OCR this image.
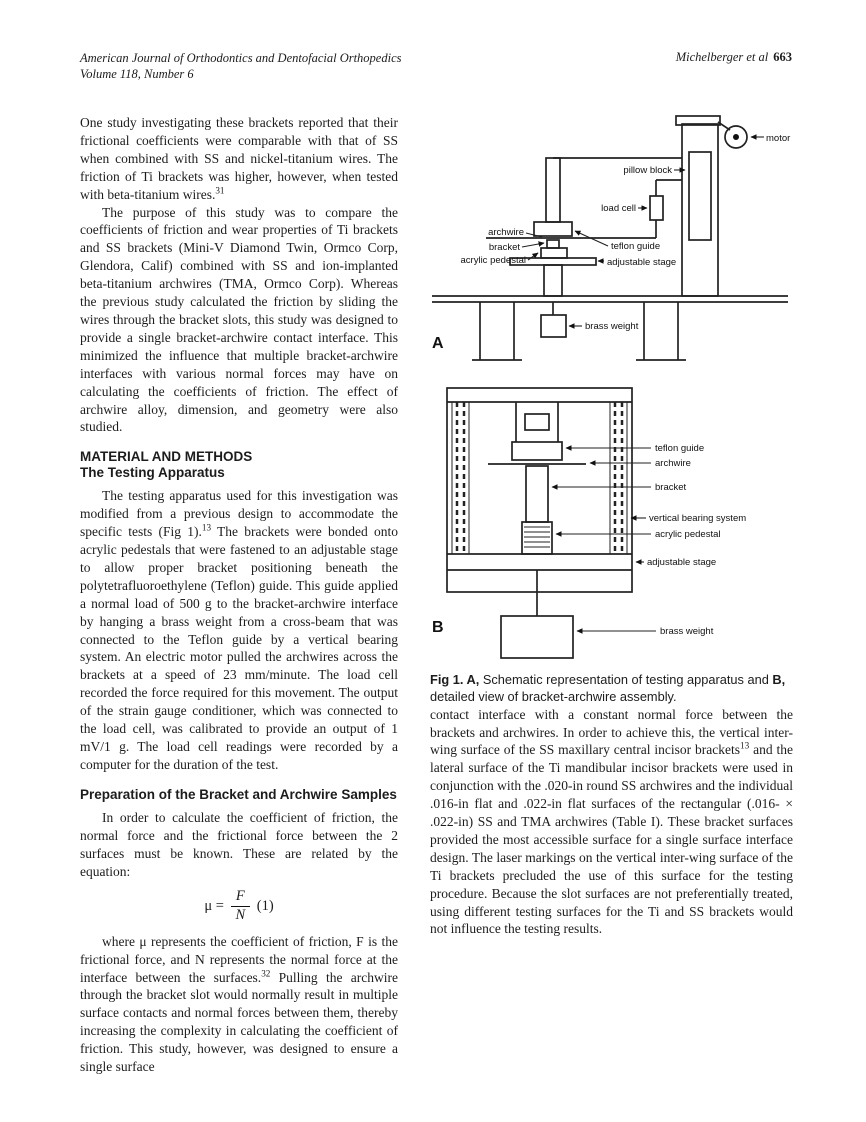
American Journal of Orthodontics and Dentofacial Orthopedics
Volume 118, Number 6
Michelberger et al 663

One study investigating these brackets reported that their frictional coefficients were comparable with that of SS when combined with SS and nickel-titanium wires. The friction of Ti brackets was higher, however, when tested with beta-titanium wires.$^{31}$

The purpose of this study was to compare the coefficients of friction and wear properties of Ti brackets and SS brackets (Mini-V Diamond Twin, Ormco Corp, Glendora, Calif) combined with SS and ion-implanted beta-titanium archwires (TMA, Ormco Corp). Whereas the previous study calculated the friction by sliding the wires through the bracket slots, this study was designed to provide a single bracket-archwire contact interface. This minimized the influence that multiple bracket-archwire interfaces with various normal forces may have on calculating the coefficients of friction. The effect of archwire alloy, dimension, and geometry were also studied.

MATERIAL AND METHODS
The Testing Apparatus

The testing apparatus used for this investigation was modified from a previous design to accommodate the specific tests (Fig 1).$^{13}$ The brackets were bonded onto acrylic pedestals that were fastened to an adjustable stage to allow proper bracket positioning beneath the polytetrafluoroethylene (Teflon) guide. This guide applied a normal load of 500 g to the bracket-archwire interface by hanging a brass weight from a cross-beam that was connected to the Teflon guide by a vertical bearing system. An electric motor pulled the archwires across the brackets at a speed of 23 mm/minute. The load cell recorded the force required for this movement. The output of the strain gauge conditioner, which was connected to the load cell, was calibrated to provide an output of 1 mV/1 g. The load cell readings were recorded by a computer for the duration of the test.

Preparation of the Bracket and Archwire Samples

In order to calculate the coefficient of friction, the normal force and the frictional force between the 2 surfaces must be known. These are related by the equation:

$\mu = \frac{F}{N} (1)$

where μ represents the coefficient of friction, F is the frictional force, and N represents the normal force at the interface between the surfaces.$^{32}$ Pulling the archwire through the bracket slot would normally result in multiple surface contacts and normal forces between them, thereby increasing the complexity in calculating the coefficient of friction. This study, however, was designed to ensure a single surface

motor
pillow block
load cell
archwire
teflon guide
bracket
acrylic pedestal	adjustable stage
brass weight
A
teflon guide
archwire
bracket
vertical bearing system
acrylic pedestal
adjustable stage
brass weight
B
Fig 1. A, Schematic representation of testing apparatus and B, detailed view of bracket-archwire assembly.

contact interface with a constant normal force between the brackets and archwires. In order to achieve this, the vertical inter-wing surface of the SS maxillary central incisor brackets$^{13}$ and the lateral surface of the Ti mandibular incisor brackets were used in conjunction with the .020-in round SS archwires and the individual .016-in flat and .022-in flat surfaces of the rectangular (.016- × .022-in) SS and TMA archwires (Table I). These bracket surfaces provided the most accessible surface for a single surface interface design. The laser markings on the vertical inter-wing surface of the Ti brackets precluded the use of this surface for the testing procedure. Because the slot surfaces are not preferentially treated, using different testing surfaces for the Ti and SS brackets would not influence the testing results.
